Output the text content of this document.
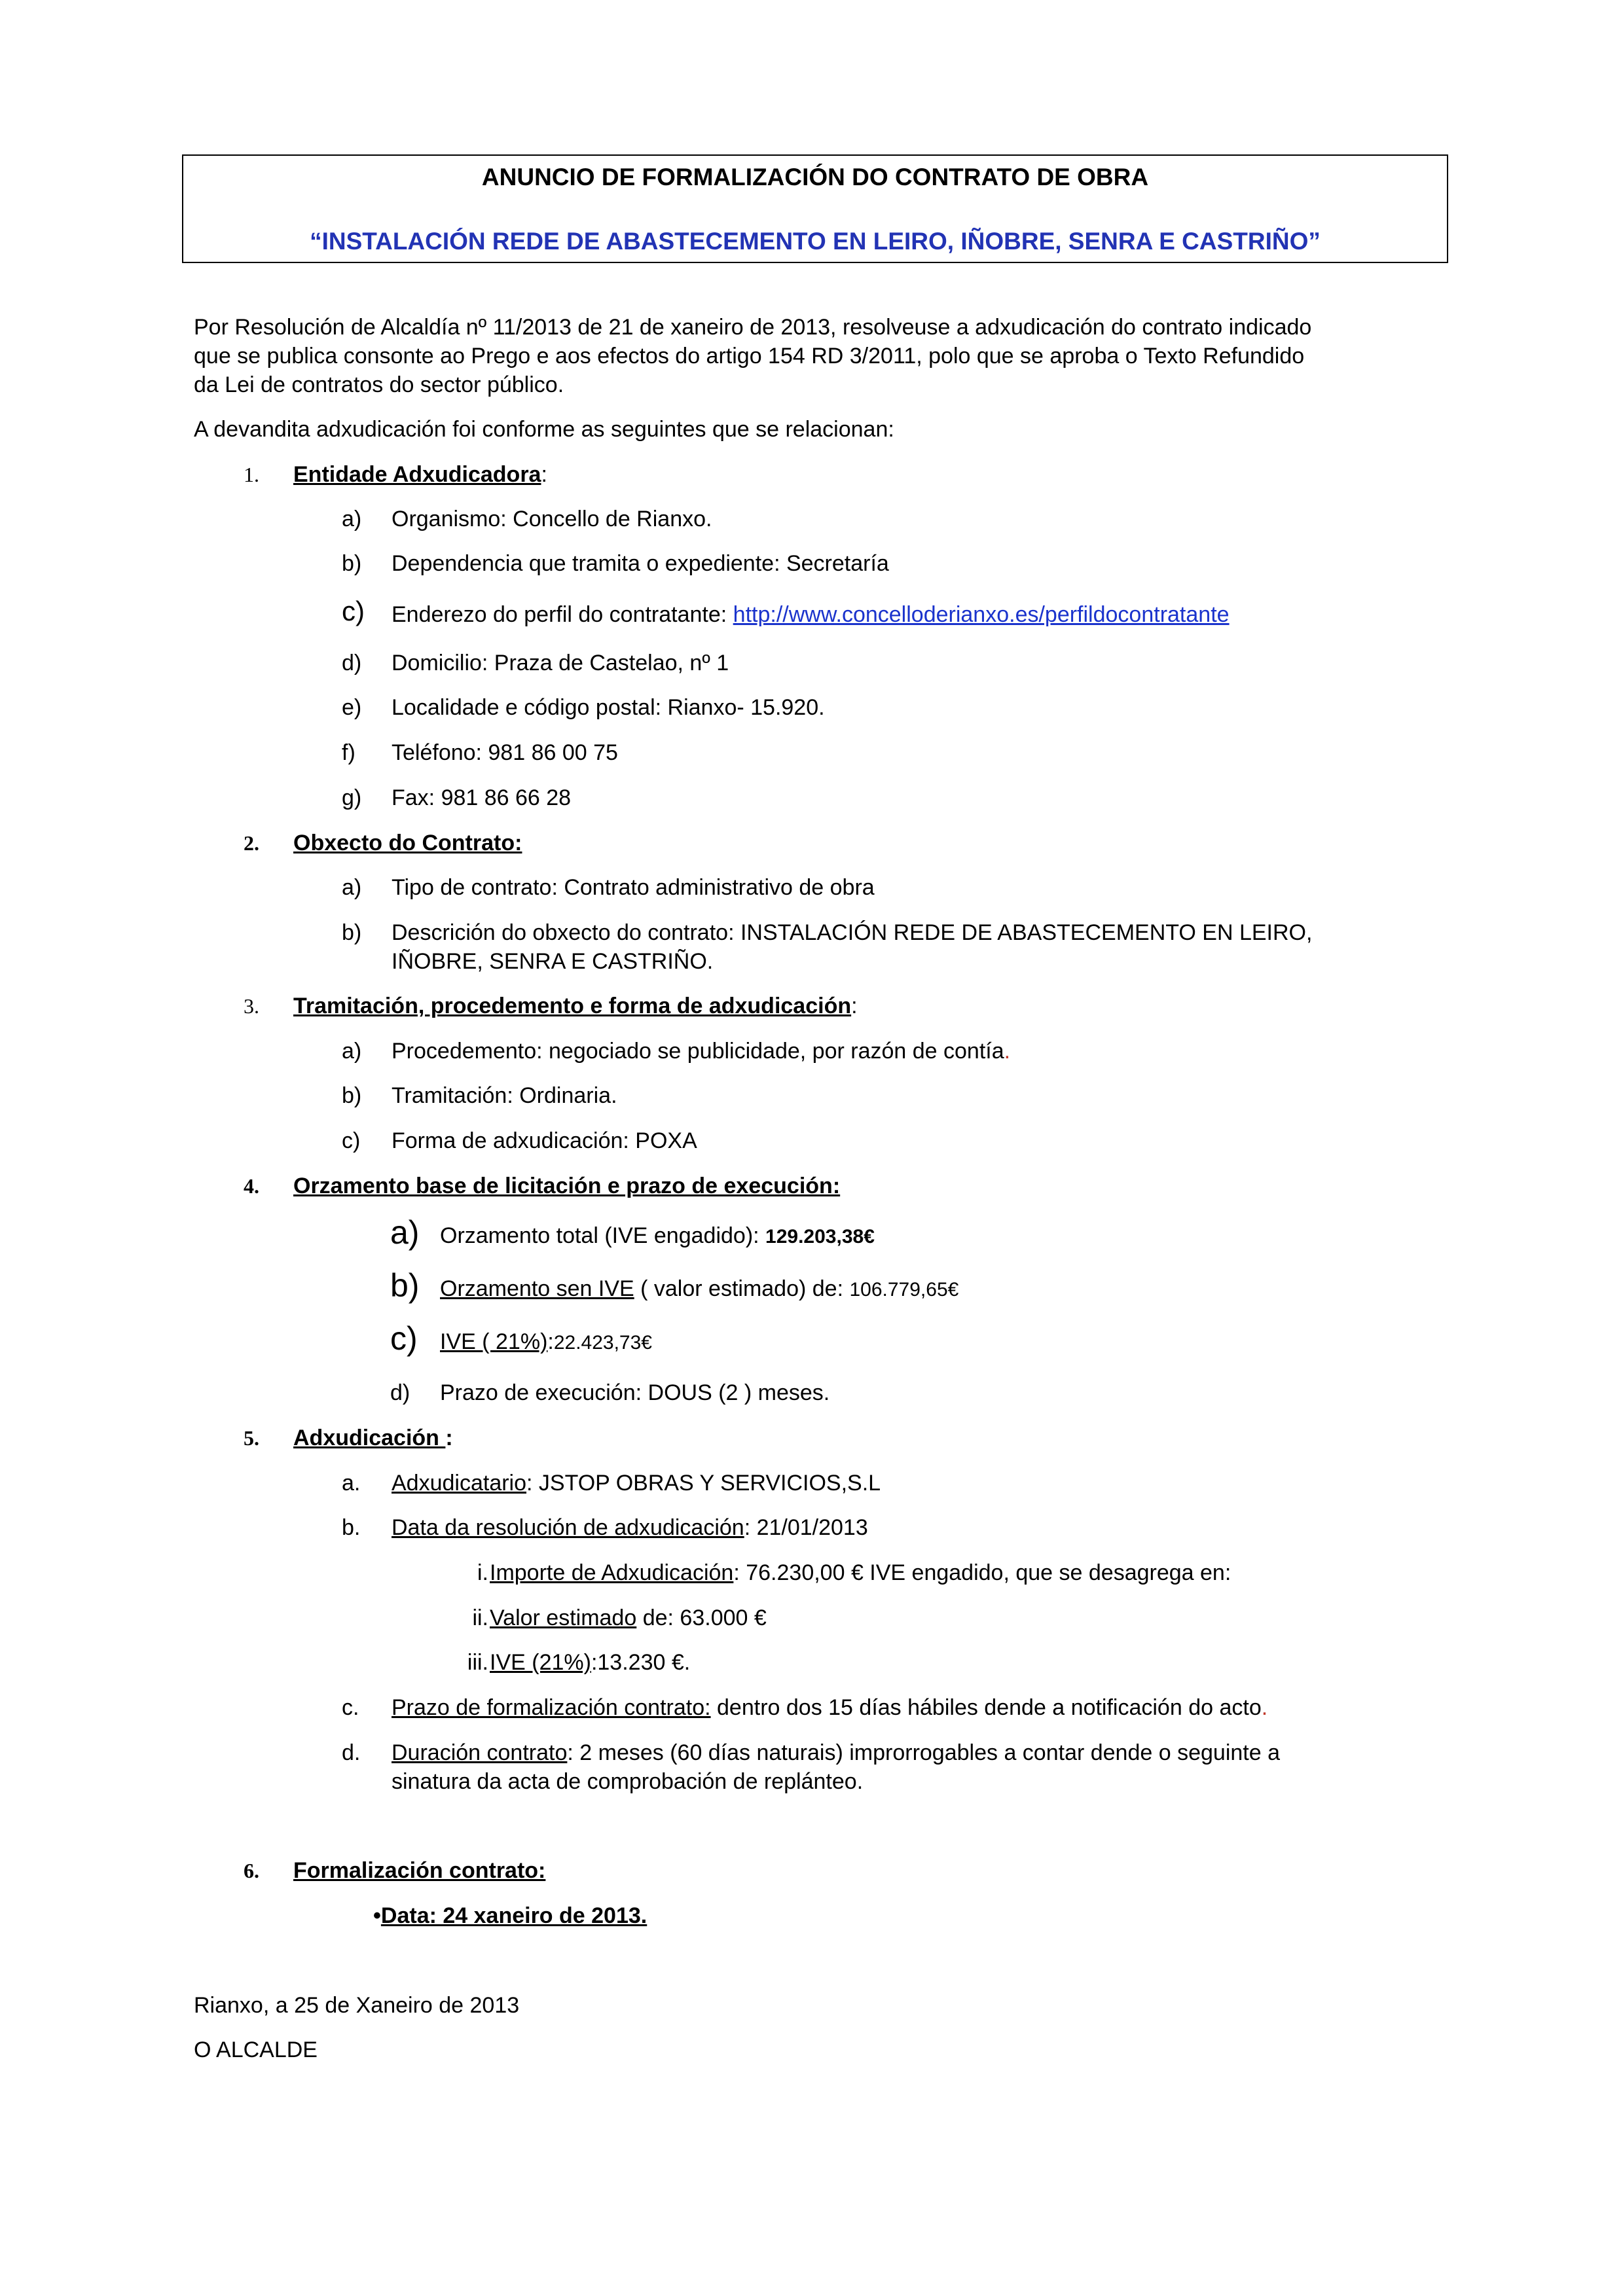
ANUNCIO DE FORMALIZACIÓN DO CONTRATO DE OBRA
“INSTALACIÓN REDE DE ABASTECEMENTO EN LEIRO, IÑOBRE, SENRA E CASTRIÑO”
Por Resolución de Alcaldía nº 11/2013 de 21 de xaneiro de 2013, resolveuse a adxudicación do contrato indicado
que se publica consonte ao Prego e aos efectos do artigo 154 RD 3/2011, polo que se aproba o Texto Refundido
da Lei de contratos do sector público.
A devandita adxudicación foi conforme as seguintes que se relacionan:
1. Entidade Adxudicadora:
a) Organismo: Concello de Rianxo.
b) Dependencia que tramita o expediente: Secretaría
c) Enderezo do perfil do contratante: http://www.concelloderianxo.es/perfildocontratante
d) Domicilio: Praza de Castelao, nº 1
e) Localidade e código postal: Rianxo- 15.920.
f) Teléfono: 981 86 00 75
g) Fax: 981 86 66 28
2. Obxecto do Contrato:
a) Tipo de contrato: Contrato administrativo de obra
b) Descrición do obxecto do contrato: INSTALACIÓN REDE DE ABASTECEMENTO EN LEIRO,
IÑOBRE, SENRA E CASTRIÑO.
3. Tramitación, procedemento e forma de adxudicación:
a) Procedemento: negociado se publicidade, por razón de contía.
b) Tramitación: Ordinaria.
c) Forma de adxudicación: POXA
4. Orzamento base de licitación e prazo de execución:
a) Orzamento total (IVE engadido): 129.203,38€
b) Orzamento sen IVE ( valor estimado) de: 106.779,65€
c) IVE ( 21%):22.423,73€
d) Prazo de execución: DOUS (2 ) meses.
5. Adxudicación :
a. Adxudicatario: JSTOP OBRAS Y SERVICIOS,S.L
b. Data da resolución de adxudicación: 21/01/2013
i. Importe de Adxudicación: 76.230,00 € IVE engadido, que se desagrega en:
ii. Valor estimado de: 63.000 €
iii. IVE (21%):13.230 €.
c. Prazo de formalización contrato: dentro dos 15 días hábiles dende a notificación do acto.
d. Duración contrato: 2 meses (60 días naturais) improrrogables a contar dende o seguinte a
sinatura da acta de comprobación de replánteo.
6. Formalización contrato:
•Data: 24 xaneiro de 2013.
Rianxo, a 25 de Xaneiro de 2013
O ALCALDE
